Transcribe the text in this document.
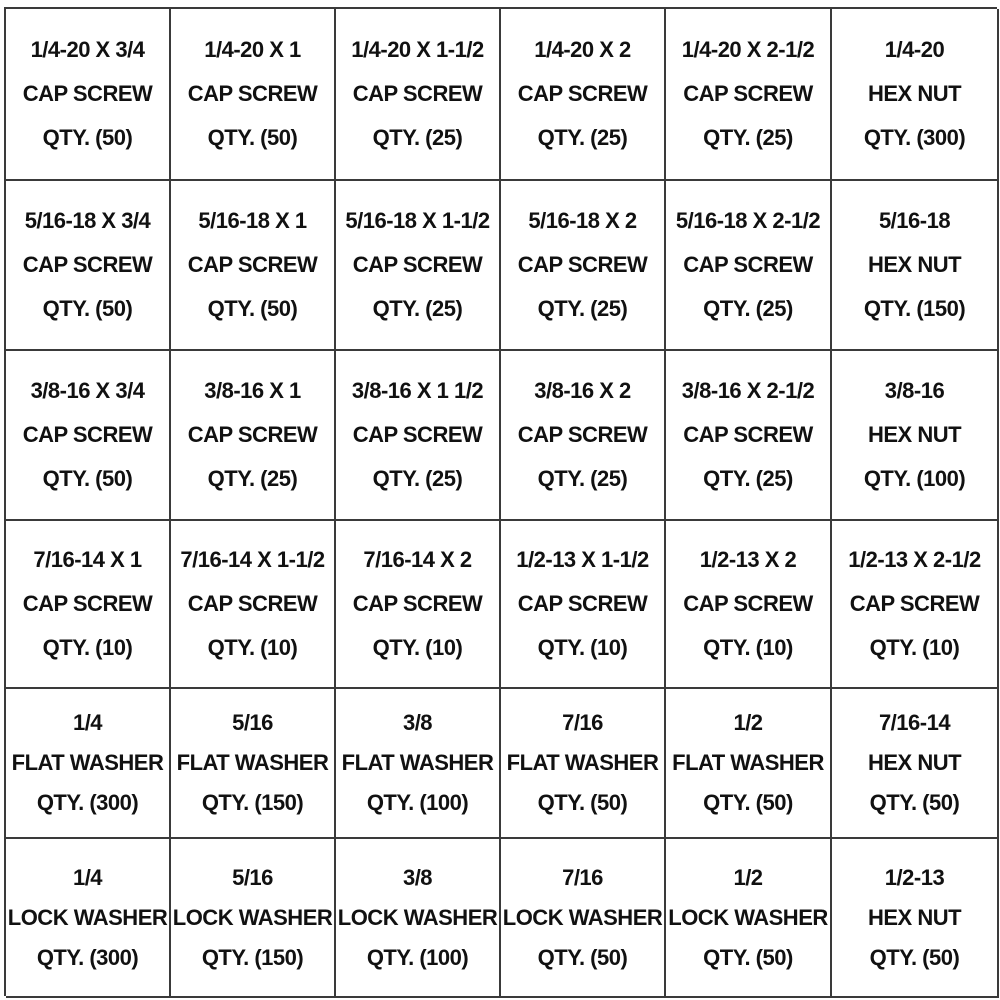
1/4-20 X 3/4
CAP SCREW
QTY. (50)
1/4-20 X 1
CAP SCREW
QTY. (50)
1/4-20 X 1-1/2
CAP SCREW
QTY. (25)
1/4-20 X 2
CAP SCREW
QTY. (25)
1/4-20 X 2-1/2
CAP SCREW
QTY. (25)
1/4-20
HEX NUT
QTY. (300)
5/16-18 X 3/4
CAP SCREW
QTY. (50)
5/16-18 X 1
CAP SCREW
QTY. (50)
5/16-18 X 1-1/2
CAP SCREW
QTY. (25)
5/16-18 X 2
CAP SCREW
QTY. (25)
5/16-18 X 2-1/2
CAP SCREW
QTY. (25)
5/16-18
HEX NUT
QTY. (150)
3/8-16 X 3/4
CAP SCREW
QTY. (50)
3/8-16 X 1
CAP SCREW
QTY. (25)
3/8-16 X 1 1/2
CAP SCREW
QTY. (25)
3/8-16 X 2
CAP SCREW
QTY. (25)
3/8-16 X 2-1/2
CAP SCREW
QTY. (25)
3/8-16
HEX NUT
QTY. (100)
7/16-14 X 1
CAP SCREW
QTY. (10)
7/16-14 X 1-1/2
CAP SCREW
QTY. (10)
7/16-14 X 2
CAP SCREW
QTY. (10)
1/2-13 X 1-1/2
CAP SCREW
QTY. (10)
1/2-13 X 2
CAP SCREW
QTY. (10)
1/2-13 X 2-1/2
CAP SCREW
QTY. (10)
1/4
FLAT WASHER
QTY. (300)
5/16
FLAT WASHER
QTY. (150)
3/8
FLAT WASHER
QTY. (100)
7/16
FLAT WASHER
QTY. (50)
1/2
FLAT WASHER
QTY. (50)
7/16-14
HEX NUT
QTY. (50)
1/4
LOCK WASHER
QTY. (300)
5/16
LOCK WASHER
QTY. (150)
3/8
LOCK WASHER
QTY. (100)
7/16
LOCK WASHER
QTY. (50)
1/2
LOCK WASHER
QTY. (50)
1/2-13
HEX NUT
QTY. (50)
